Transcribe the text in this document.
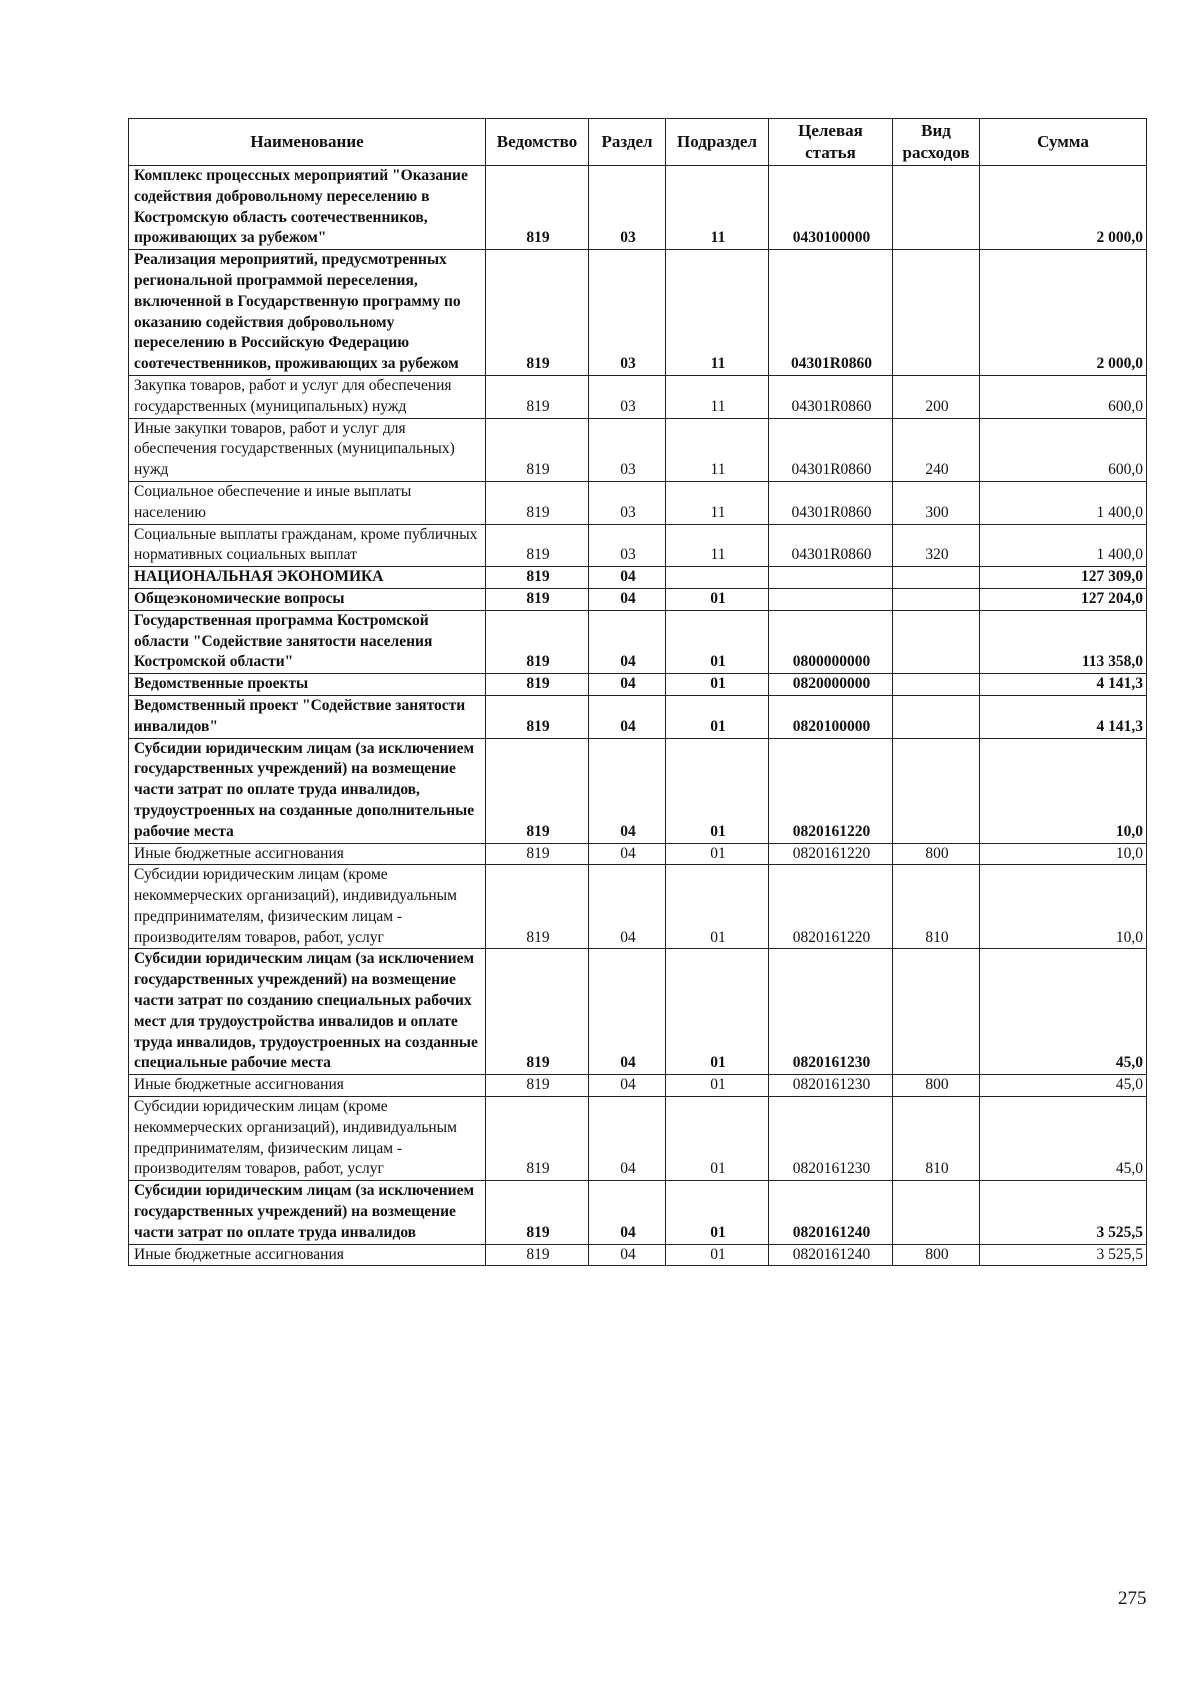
Наименование	Ведомство	Раздел	Подраздел	Целевая статья	Вид расходов	Сумма
Комплекс процессных мероприятий "Оказание содействия добровольному переселению в Костромскую область соотечественников, проживающих за рубежом"	819	03	11	0430100000		2 000,0
Реализация мероприятий, предусмотренных региональной программой переселения, включенной в Государственную программу по оказанию содействия добровольному переселению в Российскую Федерацию соотечественников, проживающих за рубежом	819	03	11	04301R0860		2 000,0
Закупка товаров, работ и услуг для обеспечения государственных (муниципальных) нужд	819	03	11	04301R0860	200	600,0
Иные закупки товаров, работ и услуг для обеспечения государственных (муниципальных) нужд	819	03	11	04301R0860	240	600,0
Социальное обеспечение и иные выплаты населению	819	03	11	04301R0860	300	1 400,0
Социальные выплаты гражданам, кроме публичных нормативных социальных выплат	819	03	11	04301R0860	320	1 400,0
НАЦИОНАЛЬНАЯ ЭКОНОМИКА	819	04				127 309,0
Общеэкономические вопросы	819	04	01			127 204,0
Государственная программа Костромской области "Содействие занятости населения Костромской области"	819	04	01	0800000000		113 358,0
Ведомственные проекты	819	04	01	0820000000		4 141,3
Ведомственный проект "Содействие занятости инвалидов"	819	04	01	0820100000		4 141,3
Субсидии юридическим лицам (за исключением государственных учреждений) на возмещение части затрат по оплате труда инвалидов, трудоустроенных на созданные дополнительные рабочие места	819	04	01	0820161220		10,0
Иные бюджетные ассигнования	819	04	01	0820161220	800	10,0
Субсидии юридическим лицам (кроме некоммерческих организаций), индивидуальным предпринимателям, физическим лицам - производителям товаров, работ, услуг	819	04	01	0820161220	810	10,0
Субсидии юридическим лицам (за исключением государственных учреждений) на возмещение части затрат по созданию специальных рабочих мест для трудоустройства инвалидов и оплате труда инвалидов, трудоустроенных на созданные специальные рабочие места	819	04	01	0820161230		45,0
Иные бюджетные ассигнования	819	04	01	0820161230	800	45,0
Субсидии юридическим лицам (кроме некоммерческих организаций), индивидуальным предпринимателям, физическим лицам - производителям товаров, работ, услуг	819	04	01	0820161230	810	45,0
Субсидии юридическим лицам (за исключением государственных учреждений) на возмещение части затрат по оплате труда инвалидов	819	04	01	0820161240		3 525,5
Иные бюджетные ассигнования	819	04	01	0820161240	800	3 525,5
275
